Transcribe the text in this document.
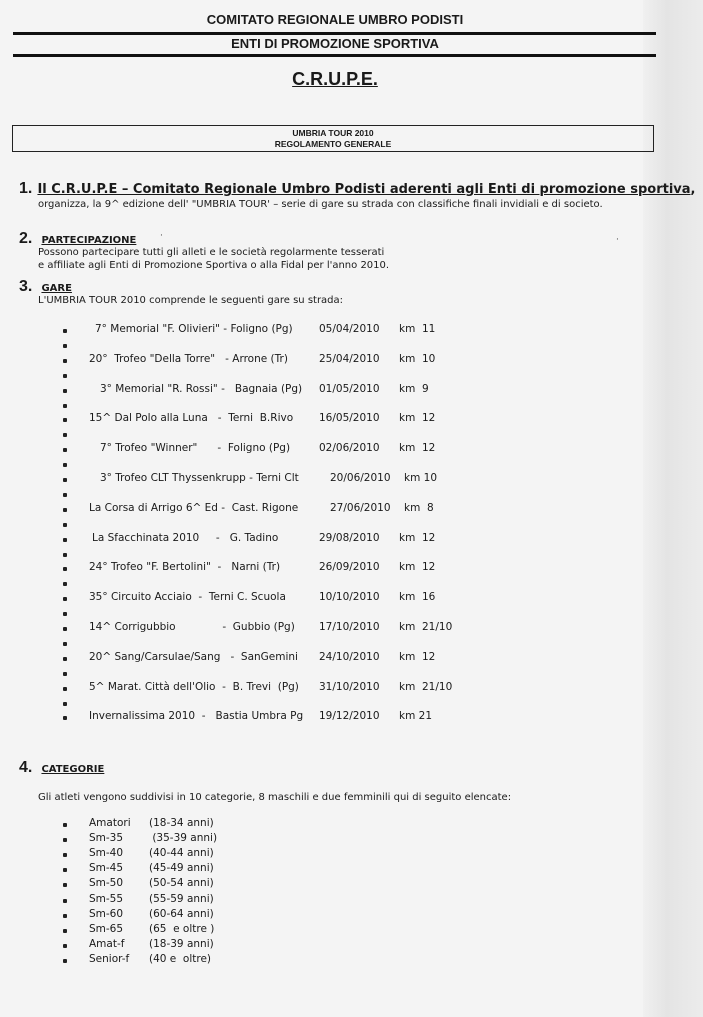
COMITATO REGIONALE UMBRO PODISTI
ENTI DI PROMOZIONE SPORTIVA
C.R.U.P.E.
UMBRIA TOUR 2010
REGOLAMENTO GENERALE
1. Il C.R.U.P.E – Comitato Regionale Umbro Podisti aderenti agli Enti di promozione sportiva,
organizza, la 9^ edizione dell' "UMBRIA TOUR' – serie di gare su strada con classifiche finali invidiali e di societo.
2. PARTECIPAZIONE	·	·
Possono partecipare tutti gli alleti e le società regolarmente tesserati
e affiliate agli Enti di Promozione Sportiva o alla Fidal per l'anno 2010.
3. GARE
L'UMBRIA TOUR 2010 comprende le seguenti gare su strada:
7° Memorial "F. Olivieri" - Foligno (Pg)	05/04/2010 km  11
20°  Trofeo "Della Torre"   - Arrone (Tr)	25/04/2010 km  10
3° Memorial "R. Rossi" -   Bagnaia (Pg) 01/05/2010 km  9
15^ Dal Polo alla Luna   -  Terni  B.Rivo 16/05/2010 km  12
7° Trofeo "Winner"      -  Foligno (Pg)	02/06/2010 km  12
3° Trofeo CLT Thyssenkrupp - Terni Clt	20/06/2010 km 10
La Corsa di Arrigo 6^ Ed -  Cast. Rigone	27/06/2010 km  8
La Sfacchinata 2010     -   G. Tadino	29/08/2010 km  12
24° Trofeo "F. Bertolini"  -   Narni (Tr)	26/09/2010 km  12
35° Circuito Acciaio  -  Terni C. Scuola	10/10/2010 km  16
14^ Corrigubbio              -  Gubbio (Pg) 17/10/2010 km  21/10
20^ Sang/Carsulae/Sang   -  SanGemini 24/10/2010 km  12
5^ Marat. Città dell'Olio  -  B. Trevi  (Pg) 31/10/2010 km  21/10
Invernalissima 2010  -   Bastia Umbra Pg 19/12/2010 km 21
4. CATEGORIE
Gli atleti vengono suddivisi in 10 categorie, 8 maschili e due femminili qui di seguito elencate:
Amatori (18-34 anni)
Sm-35 (35-39 anni)
Sm-40 (40-44 anni)
Sm-45 (45-49 anni)
Sm-50 (50-54 anni)
Sm-55 (55-59 anni)
Sm-60 (60-64 anni)
Sm-65 (65  e oltre )
Amat-f (18-39 anni)
Senior-f (40 e  oltre)
